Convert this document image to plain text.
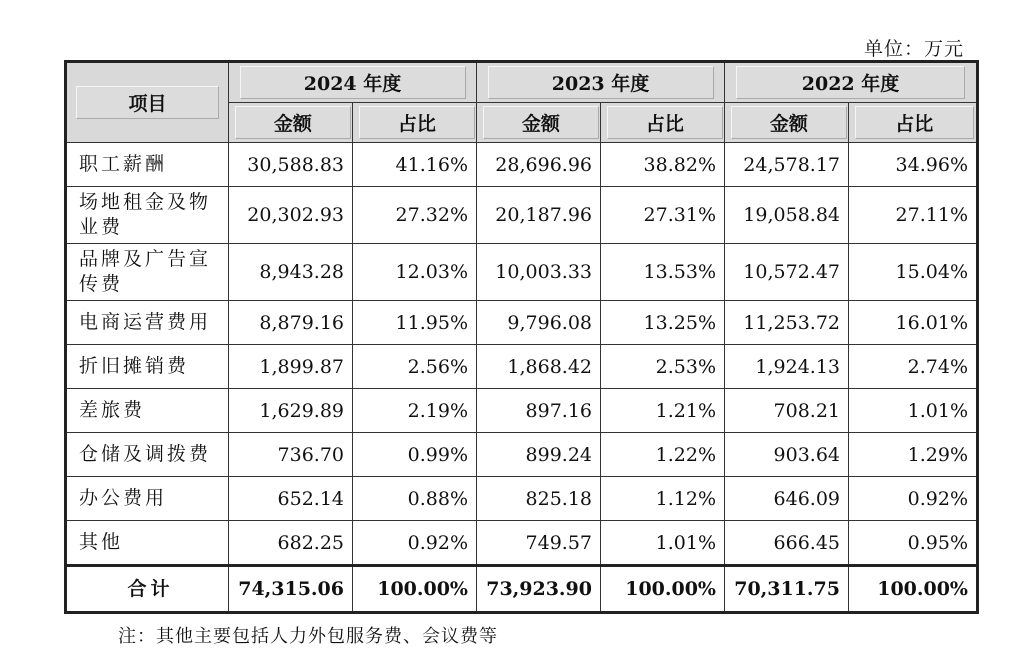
单位：万元
项目	2024 年度		2023 年度		2022 年度	
	金额	占比	金额	占比	金额	占比
职工薪酬	30,588.83	41.16%	28,696.96	38.82%	24,578.17	34.96%
场地租金及物业费	20,302.93	27.32%	20,187.96	27.31%	19,058.84	27.11%
品牌及广告宣传费	8,943.28	12.03%	10,003.33	13.53%	10,572.47	15.04%
电商运营费用	8,879.16	11.95%	9,796.08	13.25%	11,253.72	16.01%
折旧摊销费	1,899.87	2.56%	1,868.42	2.53%	1,924.13	2.74%
差旅费	1,629.89	2.19%	897.16	1.21%	708.21	1.01%
仓储及调拨费	736.70	0.99%	899.24	1.22%	903.64	1.29%
办公费用	652.14	0.88%	825.18	1.12%	646.09	0.92%
其他	682.25	0.92%	749.57	1.01%	666.45	0.95%
合计	74,315.06	100.00%	73,923.90	100.00%	70,311.75	100.00%
注：其他主要包括人力外包服务费、会议费等
